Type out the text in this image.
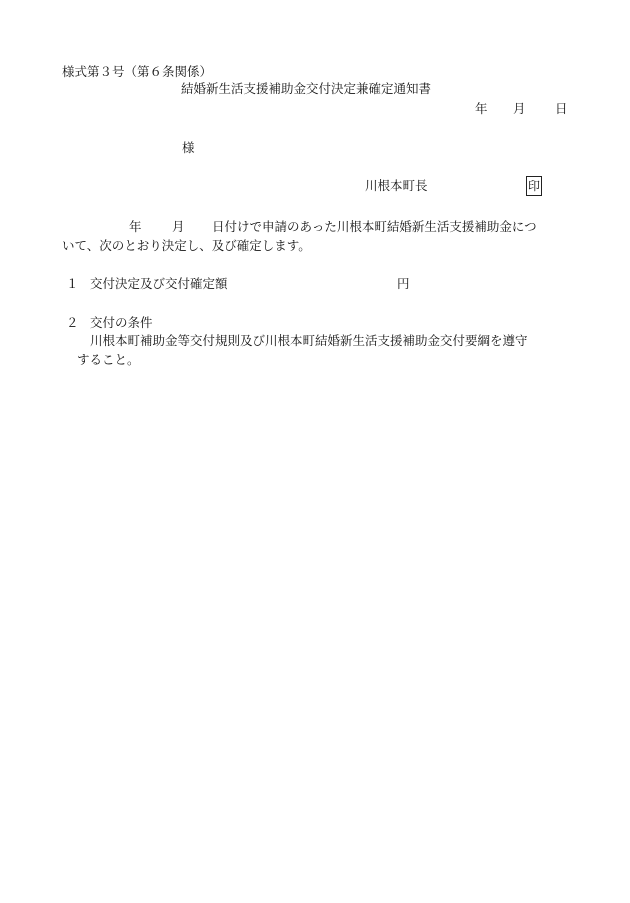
様式第３号（第６条関係）
結婚新生活支援補助金交付決定兼確定通知書
年 月 日
様
川根本町長	印
年 月 日付けで申請のあった川根本町結婚新生活支援補助金につ
いて、次のとおり決定し、及び確定します。
１ 交付決定及び交付確定額	円
２ 交付の条件
川根本町補助金等交付規則及び川根本町結婚新生活支援補助金交付要綱を遵守
すること。
